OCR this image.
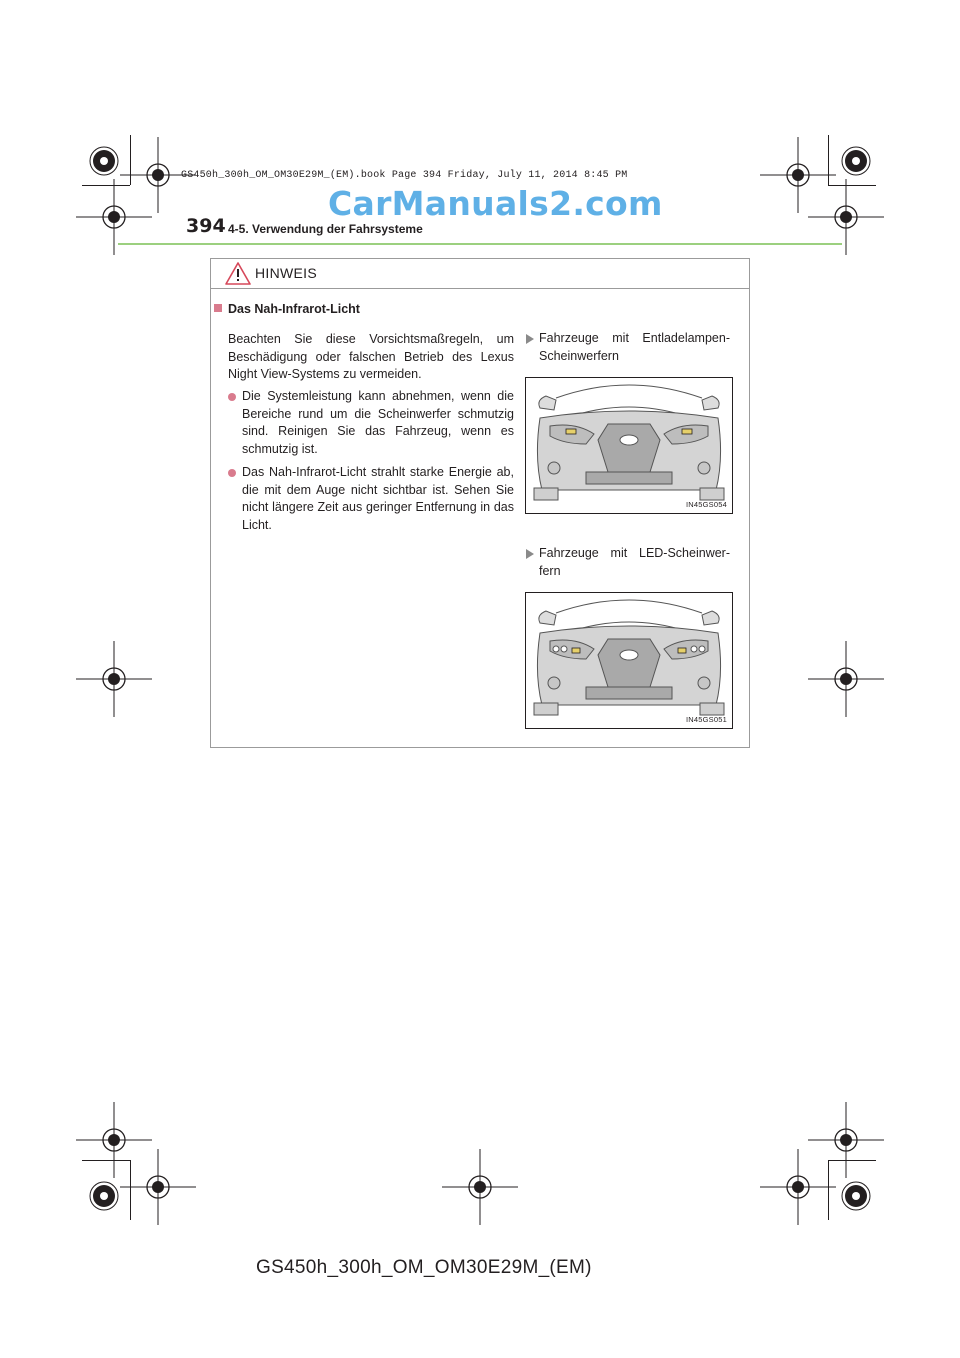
GS450h_300h_OM_OM30E29M_(EM).book Page 394 Friday, July 11, 2014 8:45 PM
CarManuals2.com
394 4-5. Verwendung der Fahrsysteme
HINWEIS
Das Nah-Infrarot-Licht
Beachten Sie diese Vorsichtsmaßregeln, um Beschädigung oder falschen Betrieb des Lexus Night View-Systems zu vermeiden.
Die Systemleistung kann abnehmen, wenn die Bereiche rund um die Scheinwerfer schmutzig sind. Reinigen Sie das Fahrzeug, wenn es schmutzig ist.
Das Nah-Infrarot-Licht strahlt starke Energie ab, die mit dem Auge nicht sichtbar ist. Sehen Sie nicht längere Zeit aus geringer Entfernung in das Licht.
Fahrzeuge mit Entladelampen-Scheinwerfern
IN45GS054
Fahrzeuge mit LED-Scheinwer-fern
IN45GS051
GS450h_300h_OM_OM30E29M_(EM)
